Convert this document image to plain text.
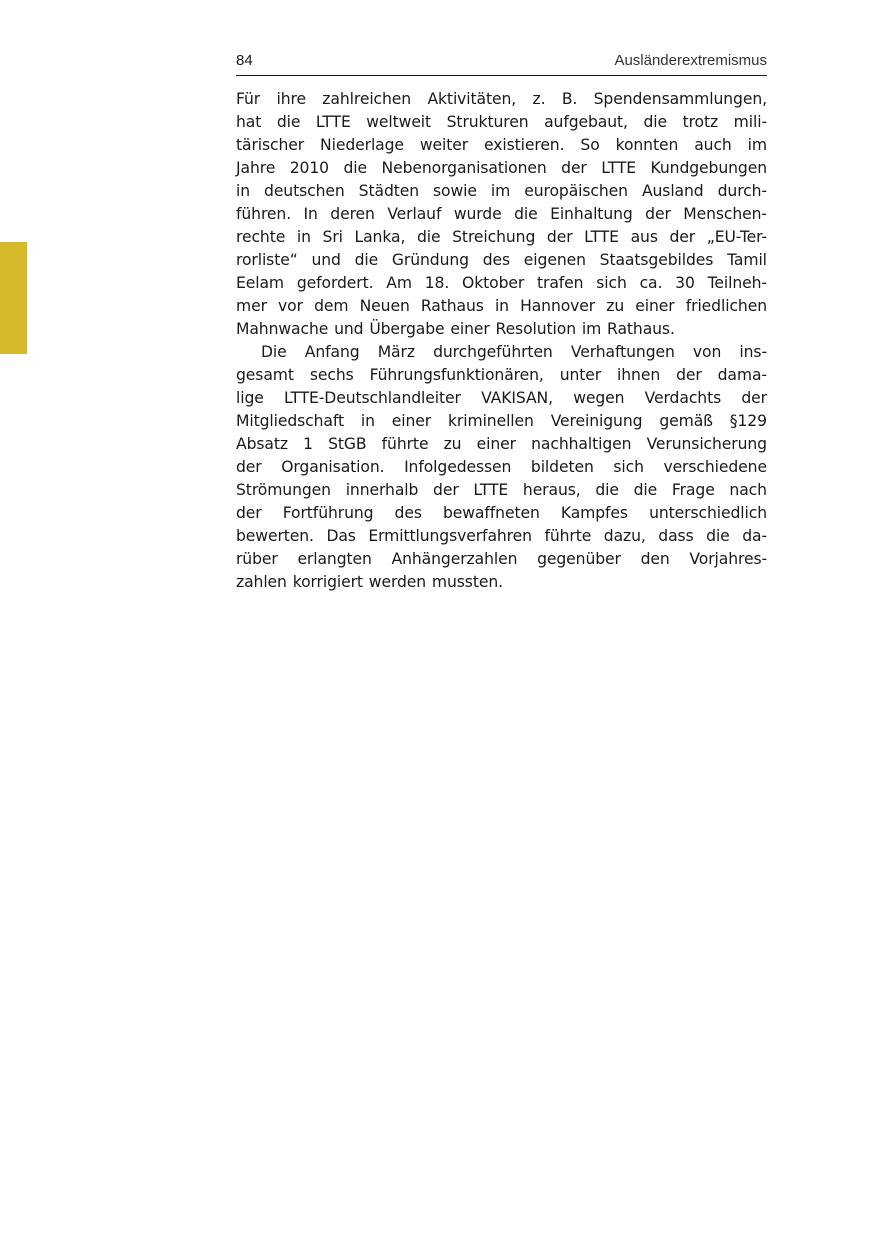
84	Ausländerextremismus
Für ihre zahlreichen Aktivitäten, z. B. Spendensammlungen,
hat die LTTE weltweit Strukturen aufgebaut, die trotz mili-
tärischer Niederlage weiter existieren. So konnten auch im
Jahre 2010 die Nebenorganisationen der LTTE Kundgebungen
in deutschen Städten sowie im europäischen Ausland durch-
führen. In deren Verlauf wurde die Einhaltung der Menschen-
rechte in Sri Lanka, die Streichung der LTTE aus der „EU-Ter-
rorliste“ und die Gründung des eigenen Staatsgebildes Tamil
Eelam gefordert. Am 18. Oktober trafen sich ca. 30 Teilneh-
mer vor dem Neuen Rathaus in Hannover zu einer friedlichen
Mahnwache und Übergabe einer Resolution im Rathaus.
Die Anfang März durchgeführten Verhaftungen von ins-
gesamt sechs Führungsfunktionären, unter ihnen der dama-
lige LTTE-Deutschlandleiter VAKISAN, wegen Verdachts der
Mitgliedschaft in einer kriminellen Vereinigung gemäß §129
Absatz 1 StGB führte zu einer nachhaltigen Verunsicherung
der Organisation. Infolgedessen bildeten sich verschiedene
Strömungen innerhalb der LTTE heraus, die die Frage nach
der Fortführung des bewaffneten Kampfes unterschiedlich
bewerten. Das Ermittlungsverfahren führte dazu, dass die da-
rüber erlangten Anhängerzahlen gegenüber den Vorjahres-
zahlen korrigiert werden mussten.
